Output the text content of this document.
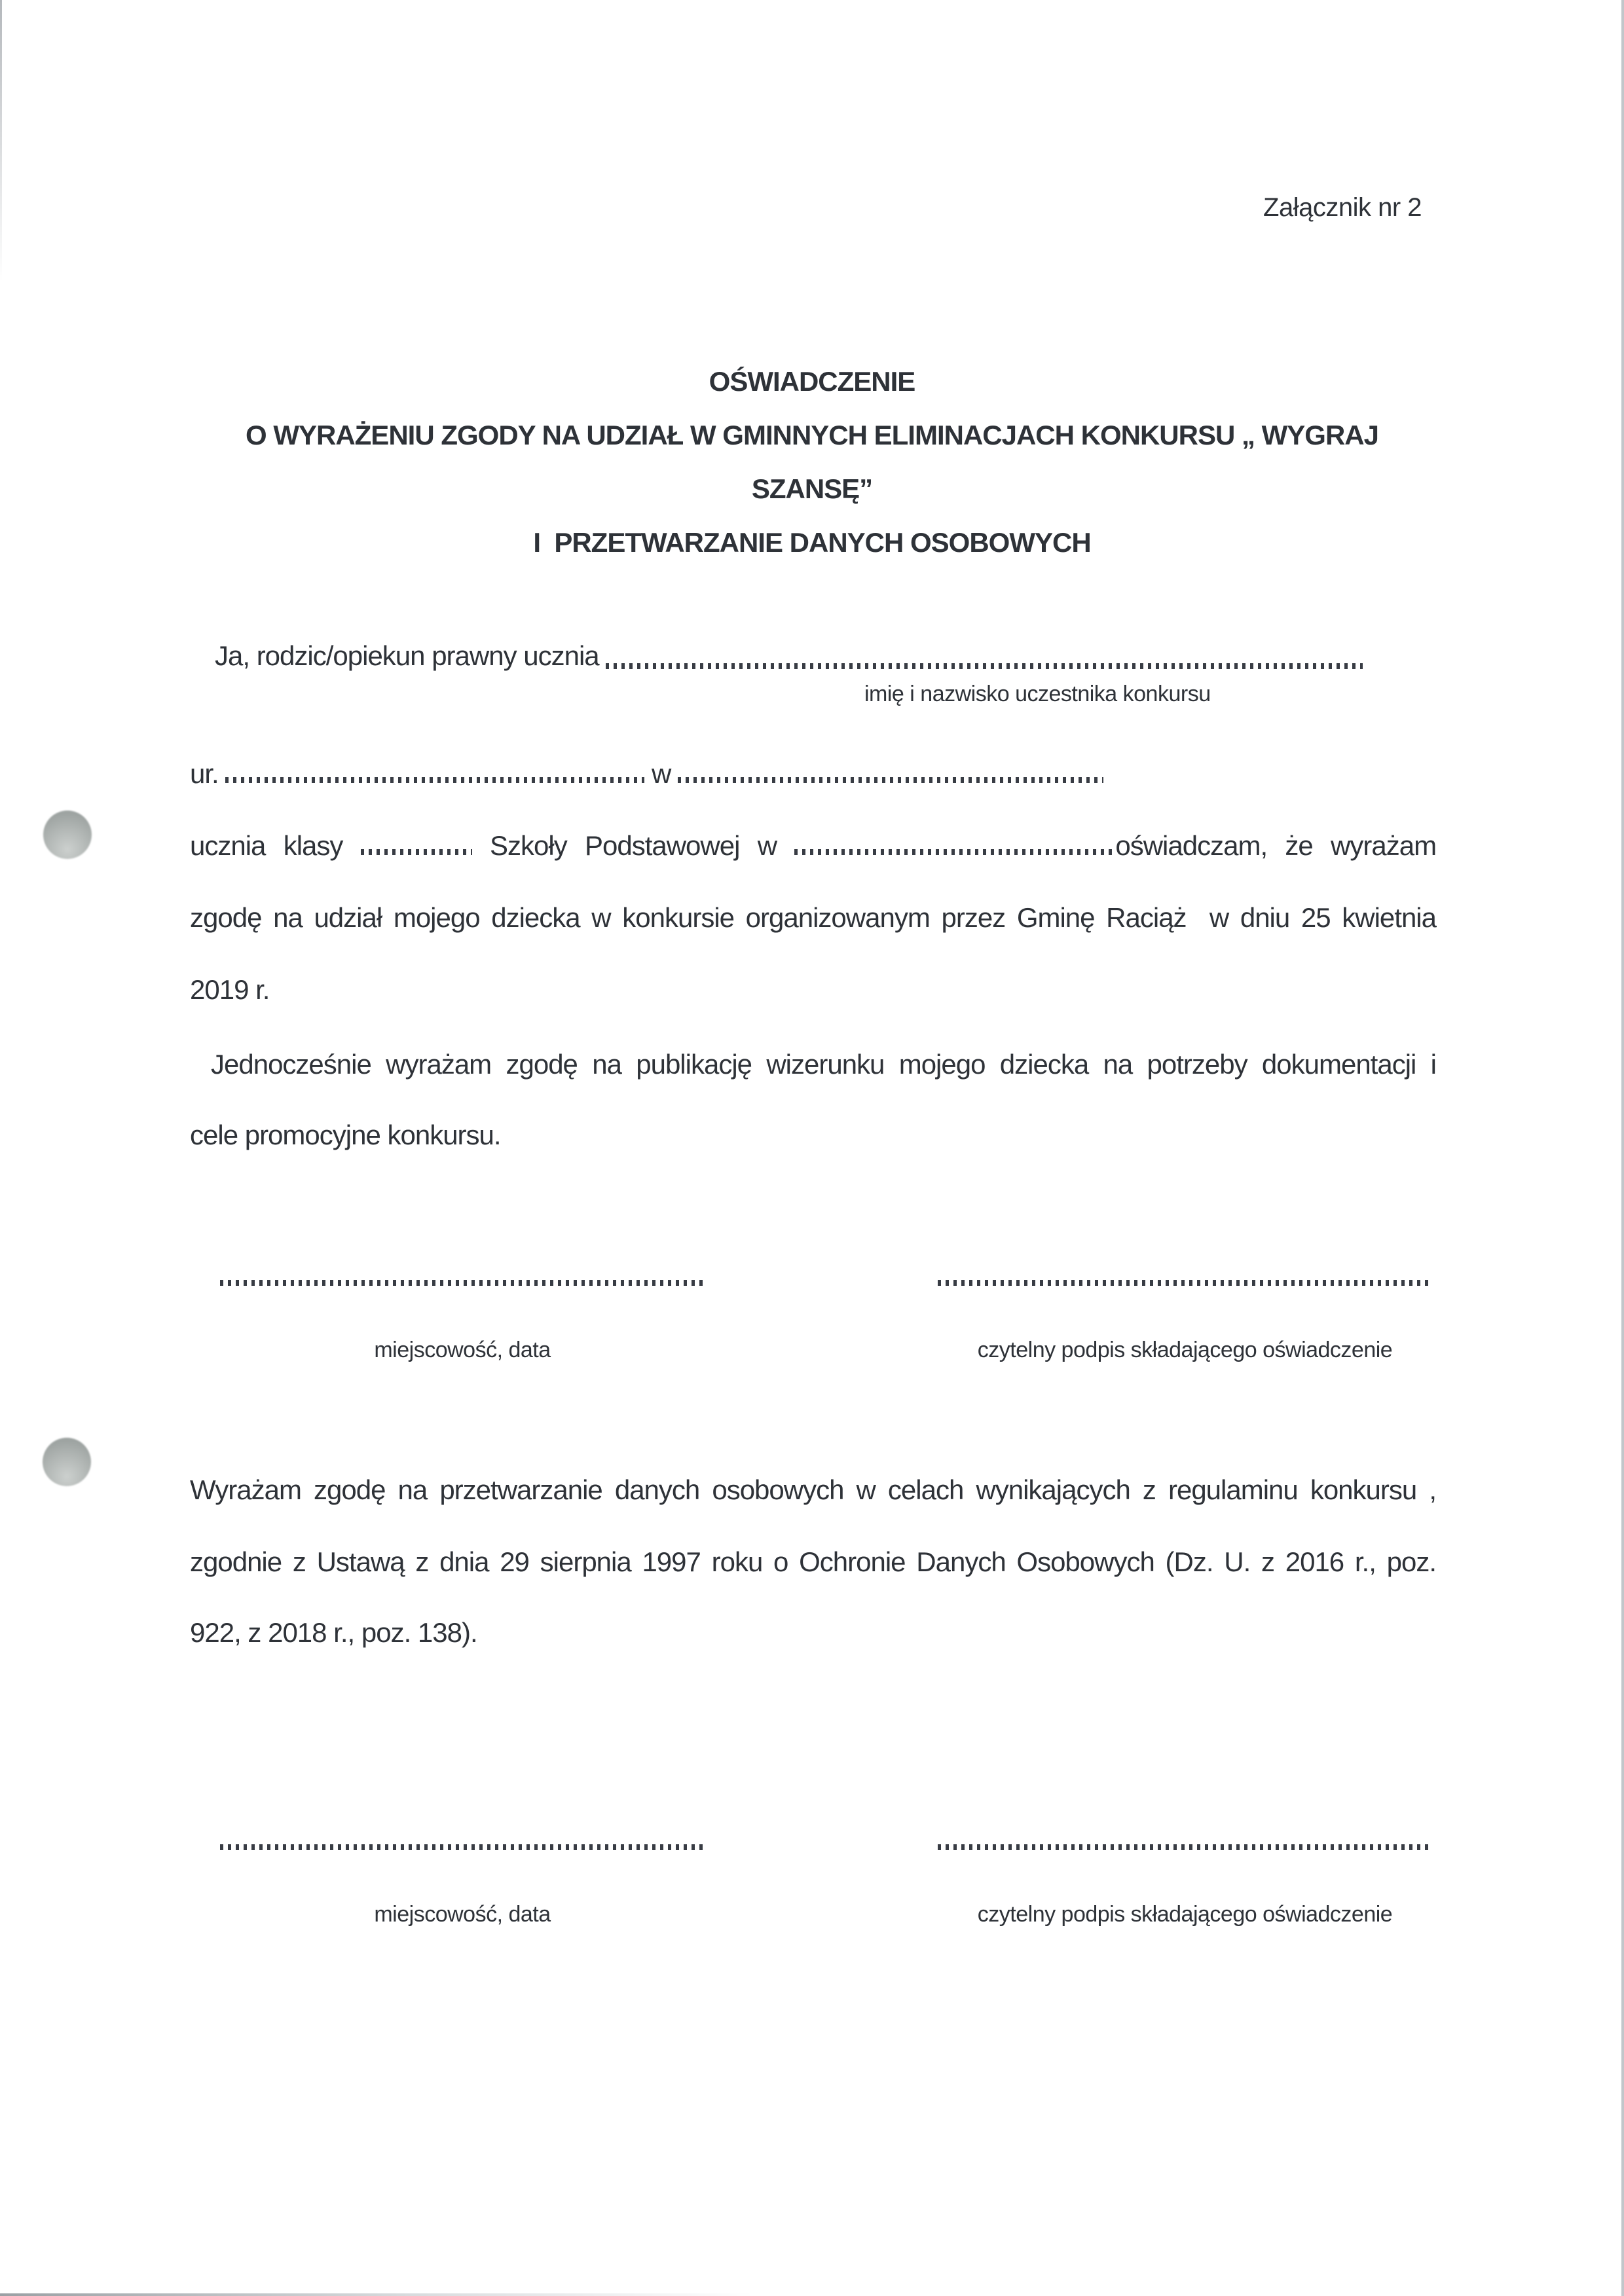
Załącznik nr 2
OŚWIADCZENIE
O WYRAŻENIU ZGODY NA UDZIAŁ W GMINNYCH ELIMINACJACH KONKURSU „ WYGRAJ
SZANSĘ”
I  PRZETWARZANIE DANYCH OSOBOWYCH
Ja, rodzic/opiekun prawny ucznia
imię i nazwisko uczestnika konkursu
ur.	w
ucznia klasy	Szkoły Podstawowej w	oświadczam, że wyrażam
zgodę na udział mojego dziecka w konkursie organizowanym przez Gminę Raciąż  w dniu 25 kwietnia
2019 r.
Jednocześnie wyrażam zgodę na publikację wizerunku mojego dziecka na potrzeby dokumentacji i
cele promocyjne konkursu.
miejscowość, data	czytelny podpis składającego oświadczenie
Wyrażam zgodę na przetwarzanie danych osobowych w celach wynikających z regulaminu konkursu ,
zgodnie z Ustawą z dnia 29 sierpnia 1997 roku o Ochronie Danych Osobowych (Dz. U. z 2016 r., poz.
922, z 2018 r., poz. 138).
miejscowość, data	czytelny podpis składającego oświadczenie
